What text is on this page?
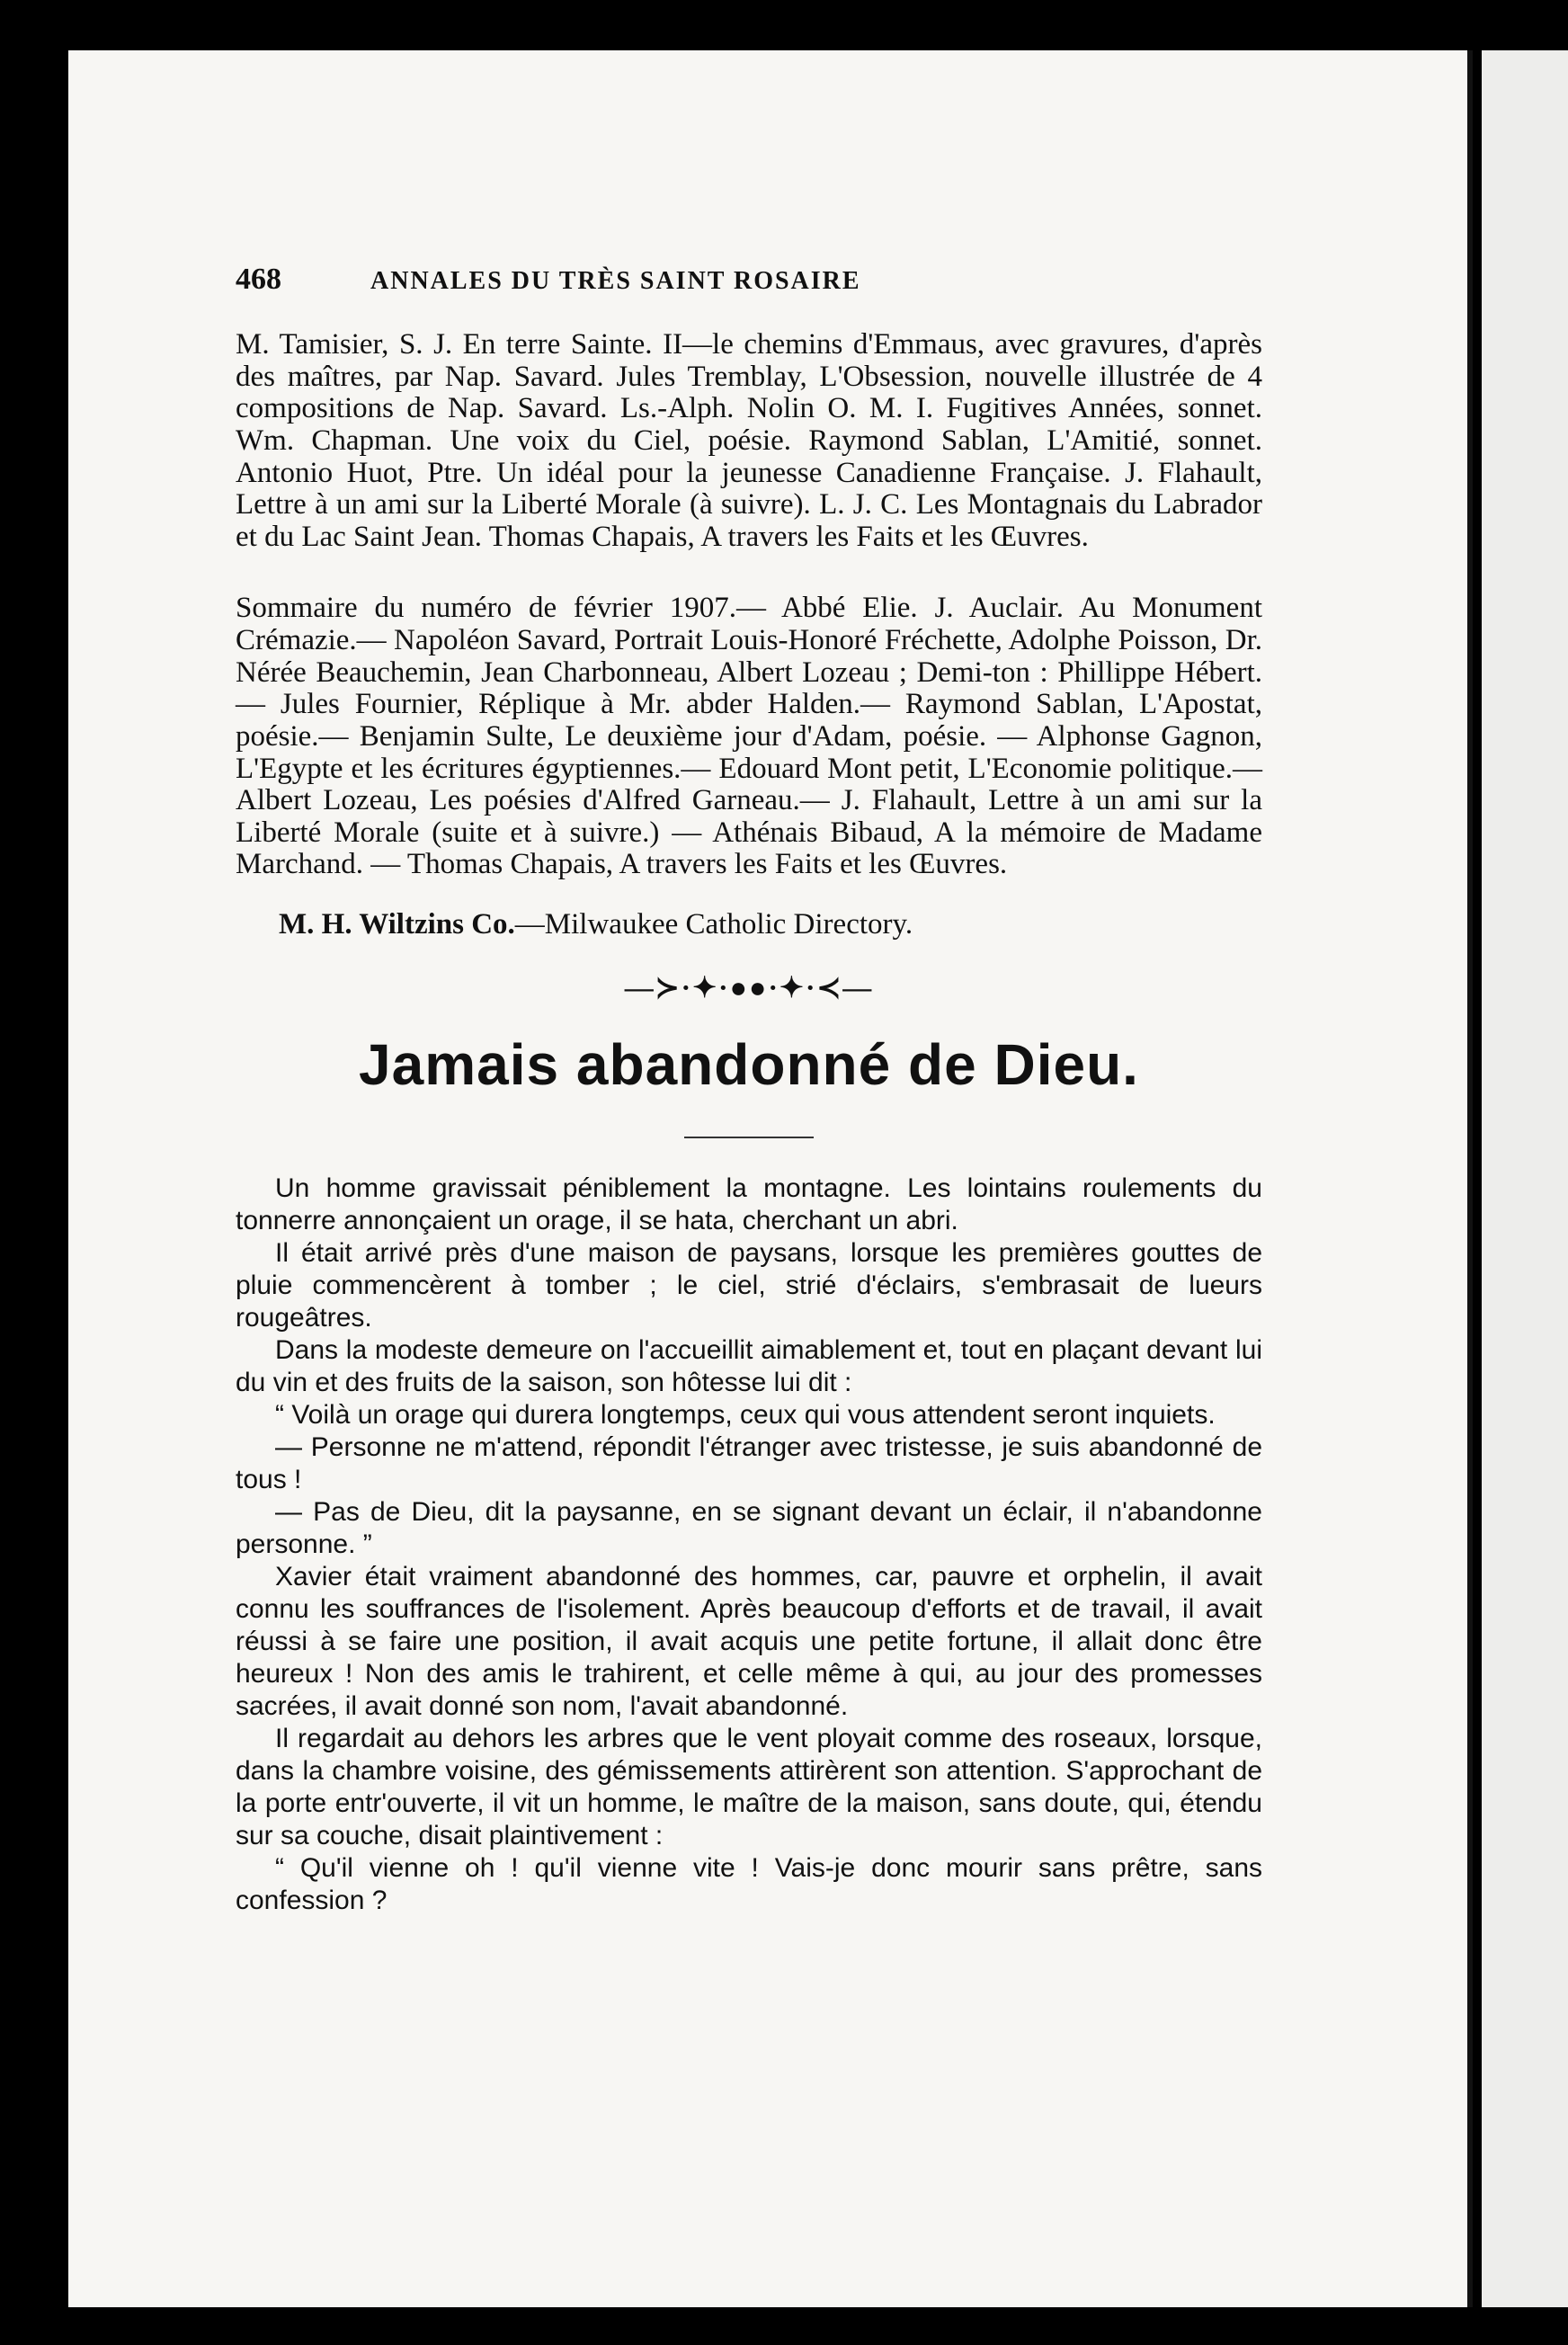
468	ANNALES DU TRÈS SAINT ROSAIRE

M. Tamisier, S. J. En terre Sainte. II—le chemins d'Emmaus, avec gravures, d'après des maîtres, par Nap. Savard. Jules Tremblay, L'Obsession, nouvelle illustrée de 4 compositions de Nap. Savard. Ls.-Alph. Nolin O. M. I. Fugitives Années, sonnet. Wm. Chapman. Une voix du Ciel, poésie. Raymond Sablan, L'Amitié, sonnet. Antonio Huot, Ptre. Un idéal pour la jeunesse Canadienne Française. J. Flahault, Lettre à un ami sur la Liberté Morale (à suivre). L. J. C. Les Montagnais du Labrador et du Lac Saint Jean. Thomas Chapais, A travers les Faits et les Œuvres.

Sommaire du numéro de février 1907.— Abbé Elie. J. Auclair. Au Monument Crémazie.— Napoléon Savard, Portrait Louis-Honoré Fréchette, Adolphe Poisson, Dr. Nérée Beauchemin, Jean Charbonneau, Albert Lozeau ; Demi-ton : Phillippe Hébert.— Jules Fournier, Réplique à Mr. abder Halden.— Raymond Sablan, L'Apostat, poésie.— Benjamin Sulte, Le deuxième jour d'Adam, poésie. — Alphonse Gagnon, L'Egypte et les écritures égyptiennes.— Edouard Mont petit, L'Economie politique.— Albert Lozeau, Les poésies d'Alfred Garneau.— J. Flahault, Lettre à un ami sur la Liberté Morale (suite et à suivre.) — Athénais Bibaud, A la mémoire de Madame Marchand. — Thomas Chapais, A travers les Faits et les Œuvres.

M. H. Wiltzins Co.—Milwaukee Catholic Directory.
—≻·✦·●●·✦·≺—
Jamais abandonné de Dieu.

Un homme gravissait péniblement la montagne. Les lointains roulements du tonnerre annonçaient un orage, il se hata, cherchant un abri.

Il était arrivé près d'une maison de paysans, lorsque les premières gouttes de pluie commencèrent à tomber ; le ciel, strié d'éclairs, s'embrasait de lueurs rougeâtres.

Dans la modeste demeure on l'accueillit aimablement et, tout en plaçant devant lui du vin et des fruits de la saison, son hôtesse lui dit :

“ Voilà un orage qui durera longtemps, ceux qui vous attendent seront inquiets.

— Personne ne m'attend, répondit l'étranger avec tristesse, je suis abandonné de tous !

— Pas de Dieu, dit la paysanne, en se signant devant un éclair, il n'abandonne personne. ”

Xavier était vraiment abandonné des hommes, car, pauvre et orphelin, il avait connu les souffrances de l'isolement. Après beaucoup d'efforts et de travail, il avait réussi à se faire une position, il avait acquis une petite fortune, il allait donc être heureux ! Non des amis le trahirent, et celle même à qui, au jour des promesses sacrées, il avait donné son nom, l'avait abandonné.

Il regardait au dehors les arbres que le vent ployait comme des roseaux, lorsque, dans la chambre voisine, des gémissements attirèrent son attention. S'approchant de la porte entr'ouverte, il vit un homme, le maître de la maison, sans doute, qui, étendu sur sa couche, disait plaintivement :

“ Qu'il vienne oh ! qu'il vienne vite ! Vais-je donc mourir sans prêtre, sans confession ?
